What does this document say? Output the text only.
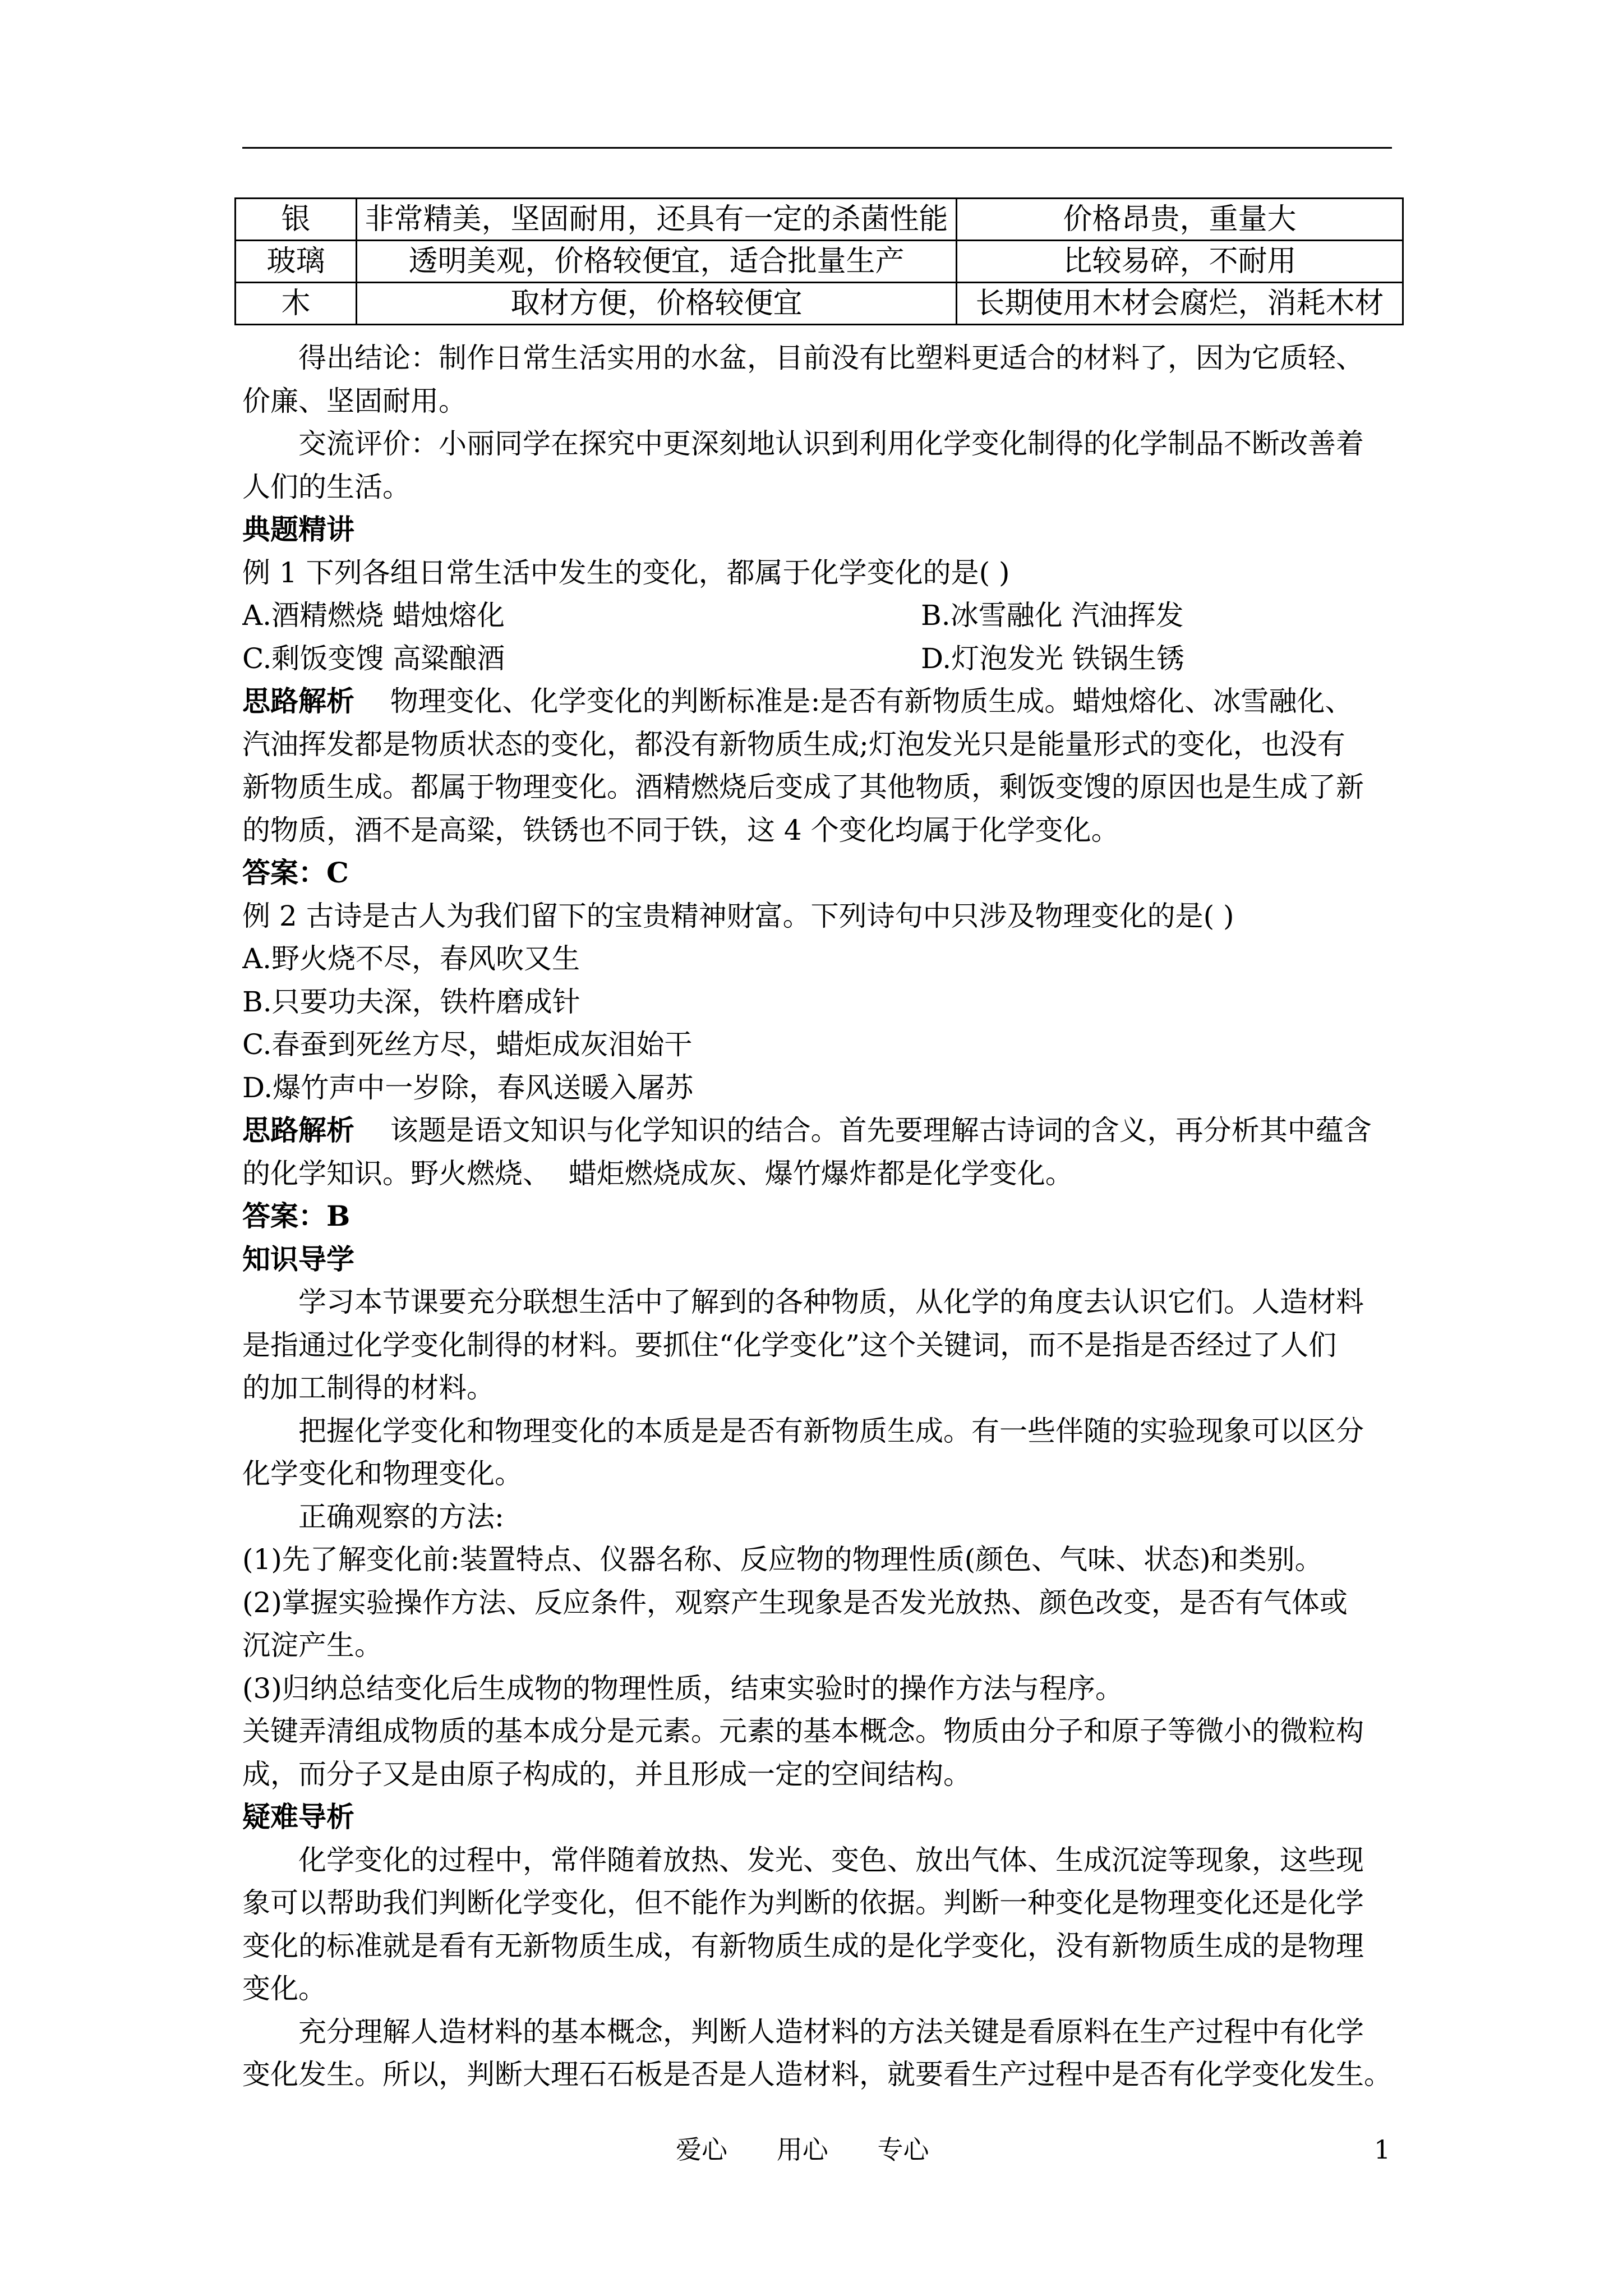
银	非常精美，坚固耐用，还具有一定的杀菌性能	价格昂贵，重量大
玻璃	透明美观，价格较便宜，适合批量生产	比较易碎，不耐用
木	取材方便，价格较便宜	长期使用木材会腐烂，消耗木材
得出结论：制作日常生活实用的水盆，目前没有比塑料更适合的材料了，因为它质轻、
价廉、坚固耐用。
交流评价：小丽同学在探究中更深刻地认识到利用化学变化制得的化学制品不断改善着
人们的生活。
典题精讲
例 1 下列各组日常生活中发生的变化，都属于化学变化的是( )
A.酒精燃烧 蜡烛熔化	B.冰雪融化 汽油挥发
C.剩饭变馊 高粱酿酒	D.灯泡发光 铁锅生锈
思路解析    物理变化、化学变化的判断标准是:是否有新物质生成。蜡烛熔化、冰雪融化、
汽油挥发都是物质状态的变化，都没有新物质生成;灯泡发光只是能量形式的变化，也没有
新物质生成。都属于物理变化。酒精燃烧后变成了其他物质，剩饭变馊的原因也是生成了新
的物质，酒不是高粱，铁锈也不同于铁，这 4 个变化均属于化学变化。
答案：C
例 2 古诗是古人为我们留下的宝贵精神财富。下列诗句中只涉及物理变化的是( )
A.野火烧不尽，春风吹又生
B.只要功夫深，铁杵磨成针
C.春蚕到死丝方尽，蜡炬成灰泪始干
D.爆竹声中一岁除，春风送暖入屠苏
思路解析    该题是语文知识与化学知识的结合。首先要理解古诗词的含义，再分析其中蕴含
的化学知识。野火燃烧、  蜡炬燃烧成灰、爆竹爆炸都是化学变化。
答案：B
知识导学
学习本节课要充分联想生活中了解到的各种物质，从化学的角度去认识它们。人造材料
是指通过化学变化制得的材料。要抓住“化学变化”这个关键词，而不是指是否经过了人们
的加工制得的材料。
把握化学变化和物理变化的本质是是否有新物质生成。有一些伴随的实验现象可以区分
化学变化和物理变化。
正确观察的方法:
(1)先了解变化前:装置特点、仪器名称、反应物的物理性质(颜色、气味、状态)和类别。
(2)掌握实验操作方法、反应条件，观察产生现象是否发光放热、颜色改变，是否有气体或
沉淀产生。
(3)归纳总结变化后生成物的物理性质，结束实验时的操作方法与程序。
关键弄清组成物质的基本成分是元素。元素的基本概念。物质由分子和原子等微小的微粒构
成，而分子又是由原子构成的，并且形成一定的空间结构。
疑难导析
化学变化的过程中，常伴随着放热、发光、变色、放出气体、生成沉淀等现象，这些现
象可以帮助我们判断化学变化，但不能作为判断的依据。判断一种变化是物理变化还是化学
变化的标准就是看有无新物质生成，有新物质生成的是化学变化，没有新物质生成的是物理
变化。
充分理解人造材料的基本概念，判断人造材料的方法关键是看原料在生产过程中有化学
变化发生。所以，判断大理石石板是否是人造材料，就要看生产过程中是否有化学变化发生。
爱心      用心      专心	1
